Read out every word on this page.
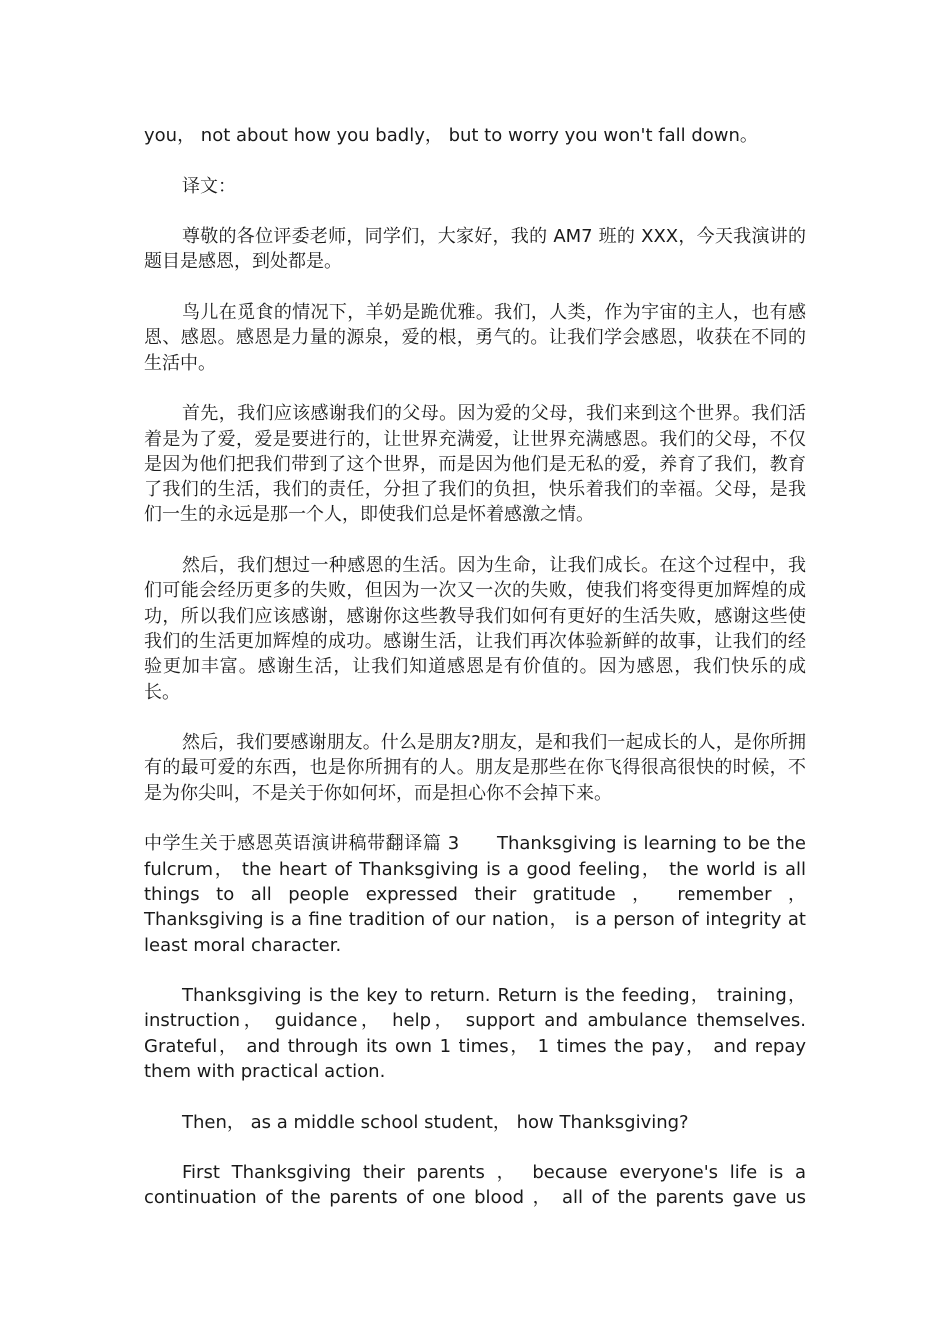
you， not about how you badly， but to worry you won't fall down。

译文：

尊敬的各位评委老师，同学们，大家好，我的 AM7 班的 XXX，今天我演讲的题目是感恩，到处都是。

鸟儿在觅食的情况下，羊奶是跪优雅。我们，人类，作为宇宙的主人，也有感恩、感恩。感恩是力量的源泉，爱的根，勇气的。让我们学会感恩，收获在不同的生活中。

首先，我们应该感谢我们的父母。因为爱的父母，我们来到这个世界。我们活着是为了爱，爱是要进行的，让世界充满爱，让世界充满感恩。我们的父母，不仅是因为他们把我们带到了这个世界，而是因为他们是无私的爱，养育了我们，教育了我们的生活，我们的责任，分担了我们的负担，快乐着我们的幸福。父母，是我们一生的永远是那一个人，即使我们总是怀着感激之情。

然后，我们想过一种感恩的生活。因为生命，让我们成长。在这个过程中，我们可能会经历更多的失败，但因为一次又一次的失败，使我们将变得更加辉煌的成功，所以我们应该感谢，感谢你这些教导我们如何有更好的生活失败，感谢这些使我们的生活更加辉煌的成功。感谢生活，让我们再次体验新鲜的故事，让我们的经验更加丰富。感谢生活，让我们知道感恩是有价值的。因为感恩，我们快乐的成长。

然后，我们要感谢朋友。什么是朋友?朋友，是和我们一起成长的人，是你所拥有的最可爱的东西，也是你所拥有的人。朋友是那些在你飞得很高很快的时候，不是为你尖叫，不是关于你如何坏，而是担心你不会掉下来。

中学生关于感恩英语演讲稿带翻译篇 3　　Thanksgiving is learning to be the fulcrum， the heart of Thanksgiving is a good feeling， the world is all things to all people expressed their gratitude ， remember ， Thanksgiving is a fine tradition of our nation， is a person of integrity at least moral character.

Thanksgiving is the key to return. Return is the feeding， training， instruction， guidance， help， support and ambulance themselves. Grateful， and through its own 1 times， 1 times the pay， and repay them with practical action.

Then， as a middle school student， how Thanksgiving?

First Thanksgiving their parents ， because everyone's life is a continuation of the parents of one blood ， all of the parents gave us
